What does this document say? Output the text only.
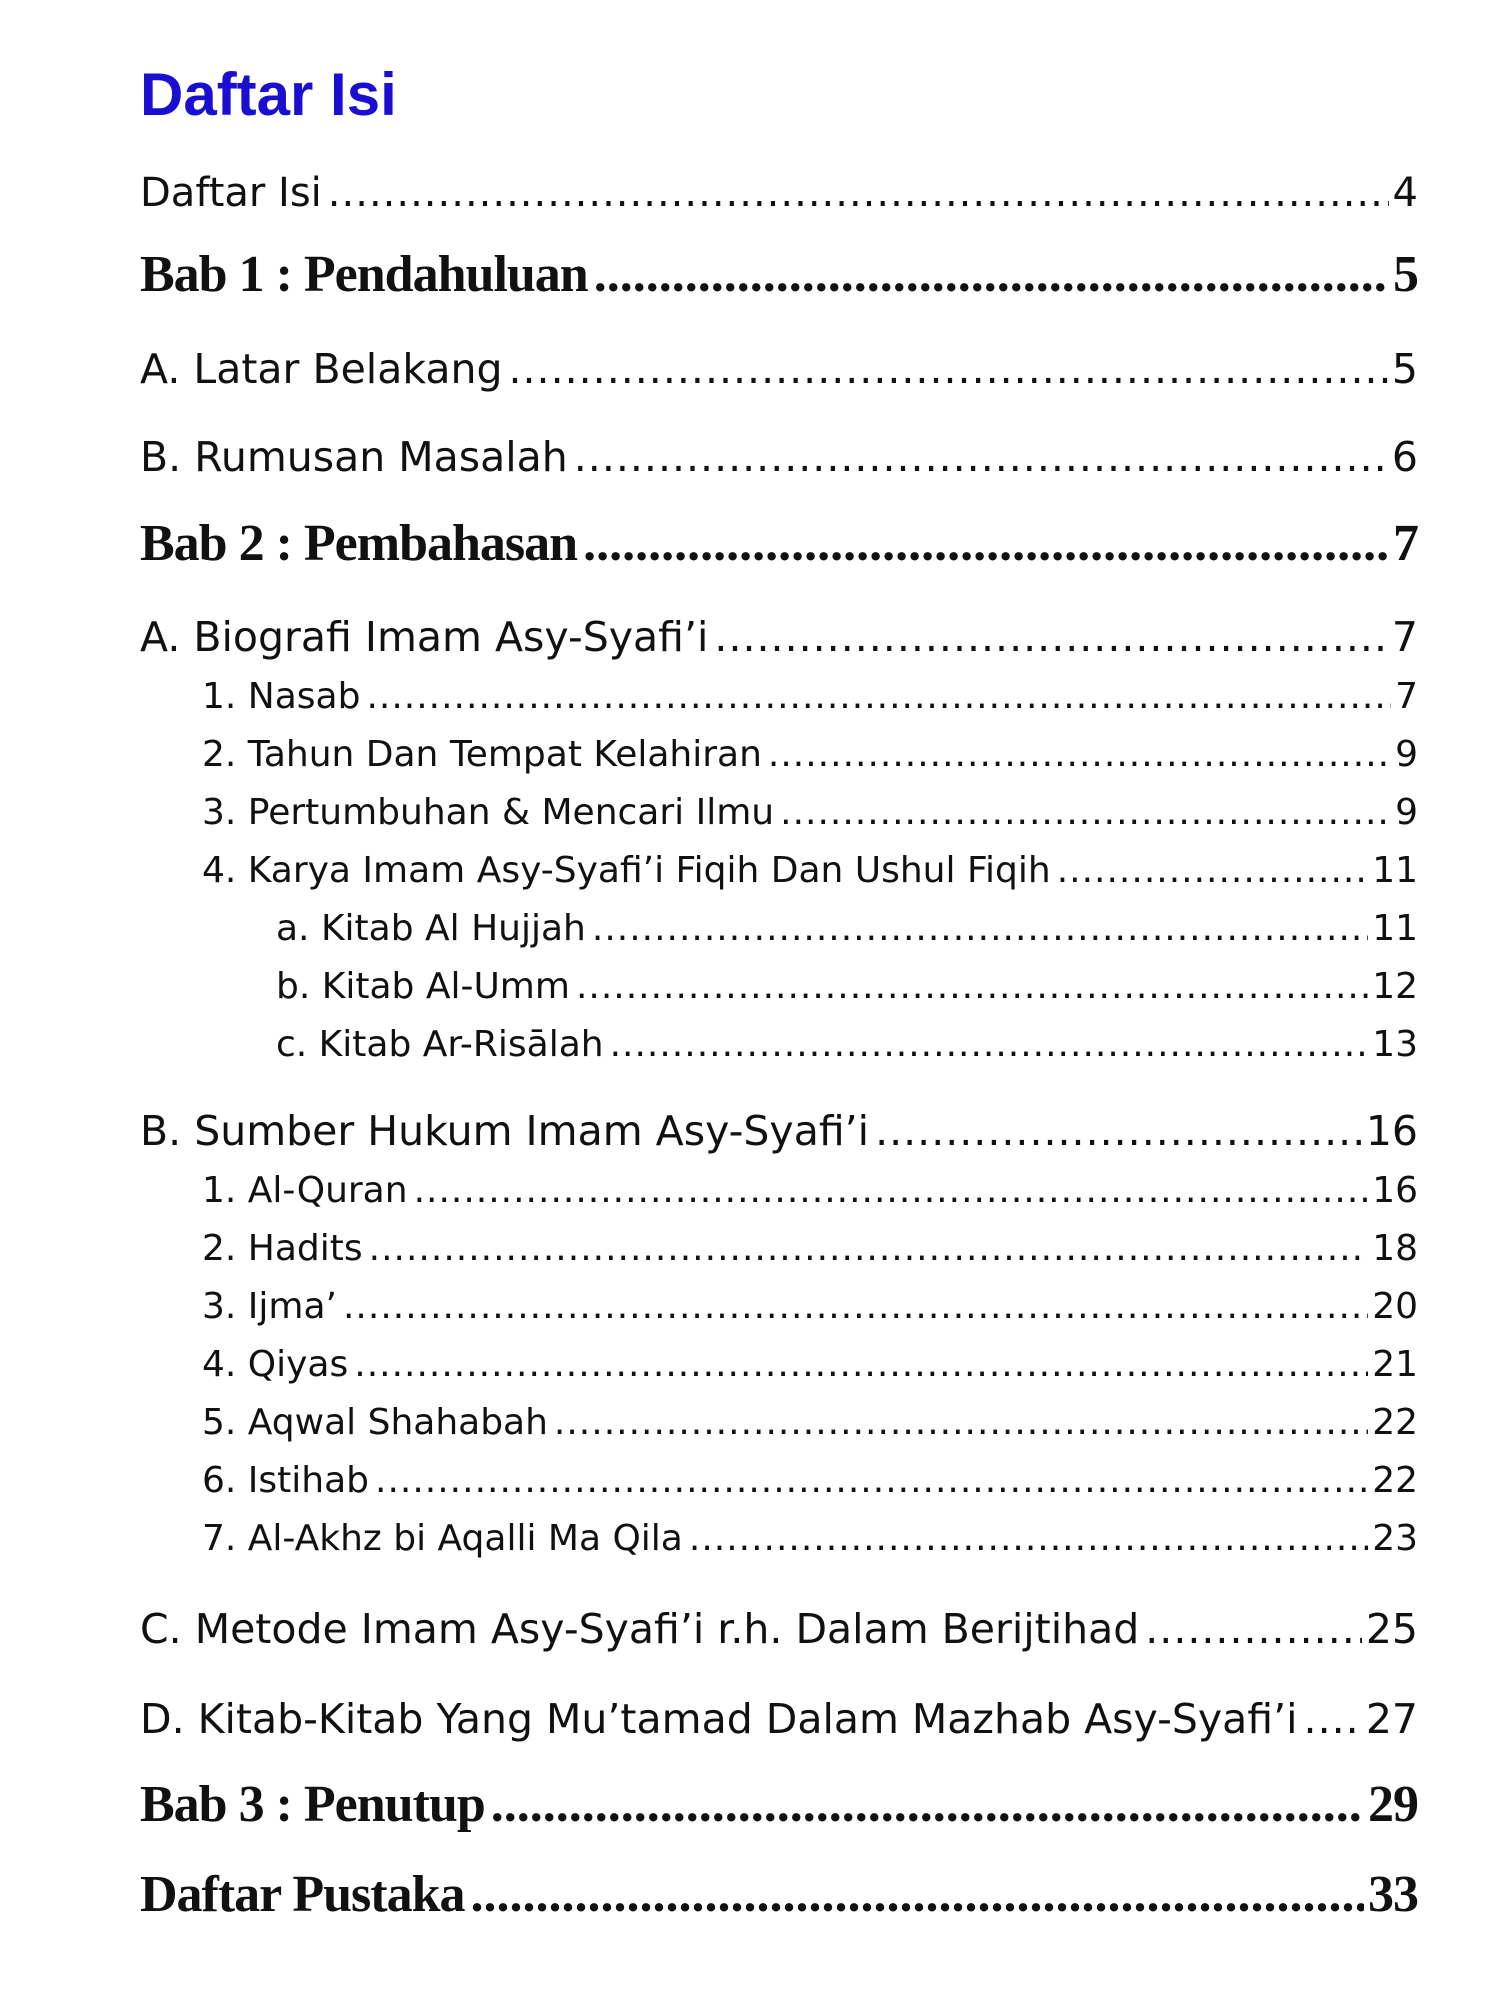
Daftar Isi
Daftar Isi .....	4
Bab 1 : Pendahuluan .....	5
A. Latar Belakang .....	5
B. Rumusan Masalah .....	6
Bab 2 : Pembahasan .....	7
A. Biografi Imam Asy-Syafi’i .....	7
1. Nasab .....	7
2. Tahun Dan Tempat Kelahiran .....	9
3. Pertumbuhan & Mencari Ilmu .....	9
4. Karya Imam Asy-Syafi’i Fiqih Dan Ushul Fiqih .....	11
a. Kitab Al Hujjah .....	11
b. Kitab Al-Umm .....	12
c. Kitab Ar-Risālah .....	13
B. Sumber Hukum Imam Asy-Syafi’i .....	16
1. Al-Quran .....	16
2. Hadits .....	18
3. Ijma’ .....	20
4. Qiyas .....	21
5. Aqwal Shahabah .....	22
6. Istihab .....	22
7. Al-Akhz bi Aqalli Ma Qila .....	23
C. Metode Imam Asy-Syafi’i r.h. Dalam Berijtihad .....	25
D. Kitab-Kitab Yang Mu’tamad Dalam Mazhab Asy-Syafi’i ..... 27
Bab 3 : Penutup .....	29
Daftar Pustaka .....	33
